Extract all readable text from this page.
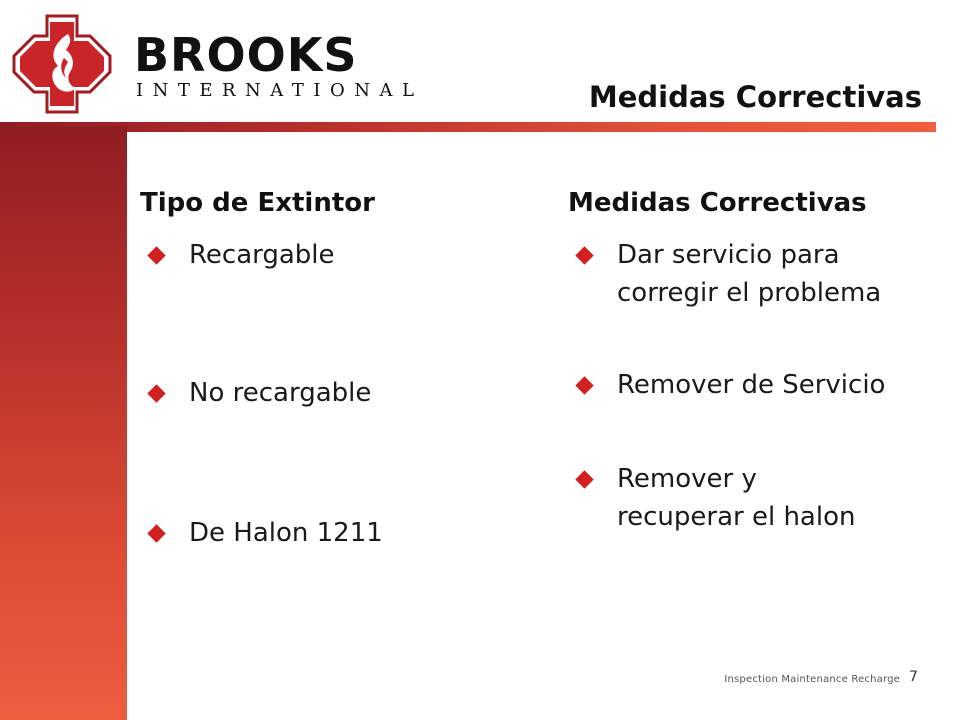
BROOKS
INTERNATIONAL	Medidas Correctivas
Tipo de Extintor	Medidas Correctivas
Recargable
No recargable
De Halon 1211
Dar servicio para
corregir el problema
Remover de Servicio
Remover y
recuperar el halon
Inspection Maintenance Recharge 7
